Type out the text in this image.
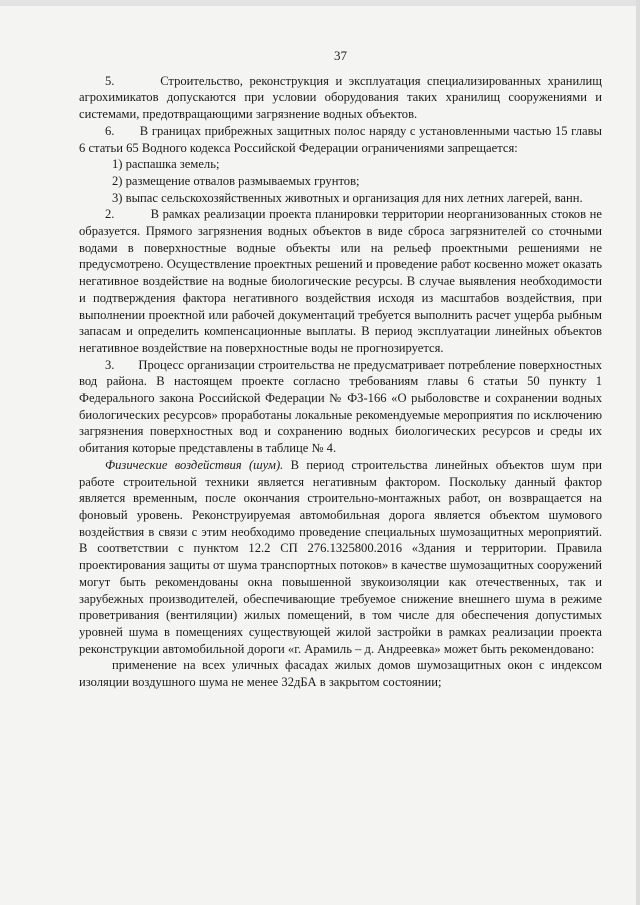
37

5.       Строительство, реконструкция и эксплуатация специализированных хранилищ агрохимикатов допускаются при условии оборудования таких хранилищ сооружениями и системами, предотвращающими загрязнение водных объектов.

6.       В границах прибрежных защитных полос наряду с установленными частью 15 главы 6 статьи 65 Водного кодекса Российской Федерации ограничениями запрещается:

1) распашка земель;

2) размещение отвалов размываемых грунтов;

3) выпас сельскохозяйственных животных и организация для них летних лагерей, ванн.

2.          В рамках реализации проекта планировки территории неорганизованных стоков не образуется. Прямого загрязнения водных объектов в виде сброса загрязнителей со сточными водами в поверхностные водные объекты или на рельеф проектными решениями не предусмотрено. Осуществление проектных решений и проведение работ косвенно может оказать негативное воздействие на водные биологические ресурсы. В случае выявления необходимости и подтверждения фактора негативного воздействия исходя из масштабов воздействия, при выполнении проектной или рабочей документаций требуется выполнить расчет ущерба рыбным запасам и определить компенсационные выплаты. В период эксплуатации линейных объектов негативное воздействие на поверхностные воды не прогнозируется.

3.       Процесс организации строительства не предусматривает потребление поверхностных вод района. В настоящем проекте согласно требованиям главы 6 статьи 50 пункту 1 Федерального закона Российской Федерации № ФЗ-166 «О рыболовстве и сохранении водных биологических ресурсов» проработаны локальные рекомендуемые мероприятия по исключению загрязнения поверхностных вод и сохранению водных биологических ресурсов и среды их обитания которые представлены в таблице № 4.

Физические воздействия (шум). В период строительства линейных объектов шум при работе строительной техники является негативным фактором. Поскольку данный фактор является временным, после окончания строительно-монтажных работ, он возвращается на фоновый уровень. Реконструируемая автомобильная дорога является объектом шумового воздействия в связи с этим необходимо проведение специальных шумозащитных мероприятий. В соответствии с пунктом 12.2 СП 276.1325800.2016 «Здания и территории. Правила проектирования защиты от шума транспортных потоков» в качестве шумозащитных сооружений могут быть рекомендованы окна повышенной звукоизоляции как отечественных, так и зарубежных производителей, обеспечивающие требуемое снижение внешнего шума в режиме проветривания (вентиляции) жилых помещений, в том числе для обеспечения допустимых уровней шума в помещениях существующей жилой застройки в рамках реализации проекта реконструкции автомобильной дороги «г. Арамиль – д. Андреевка» может быть рекомендовано:

применение на всех уличных фасадах жилых домов шумозащитных окон с индексом изоляции воздушного шума не менее 32дБА в закрытом состоянии;
